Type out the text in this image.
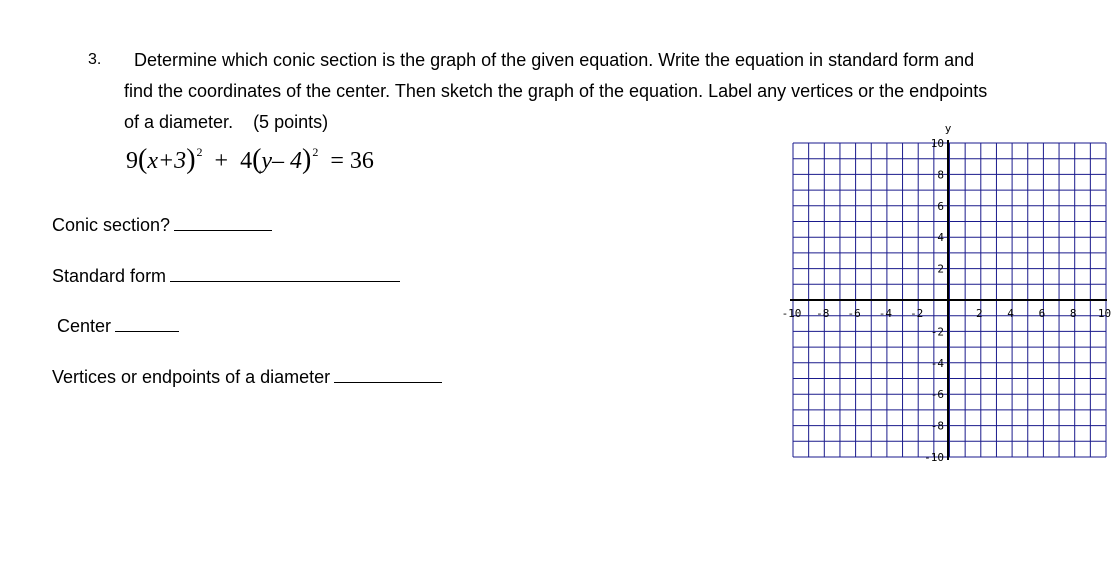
3. Determine which conic section is the graph of the given equation. Write the equation in standard form and
find the coordinates of the center. Then sketch the graph of the equation. Label any vertices or the endpoints
of a diameter.    (5 points)
$9(x+3)^2 + 4(y-$ 4)$^2$  = 36
Conic section?
Standard form
Center
Vertices or endpoints of a diameter
y
-10 -8 -6 -4 -2	2 4 6 8 10
10
8
6
4
2
-2
-4
-6
-8
-10
